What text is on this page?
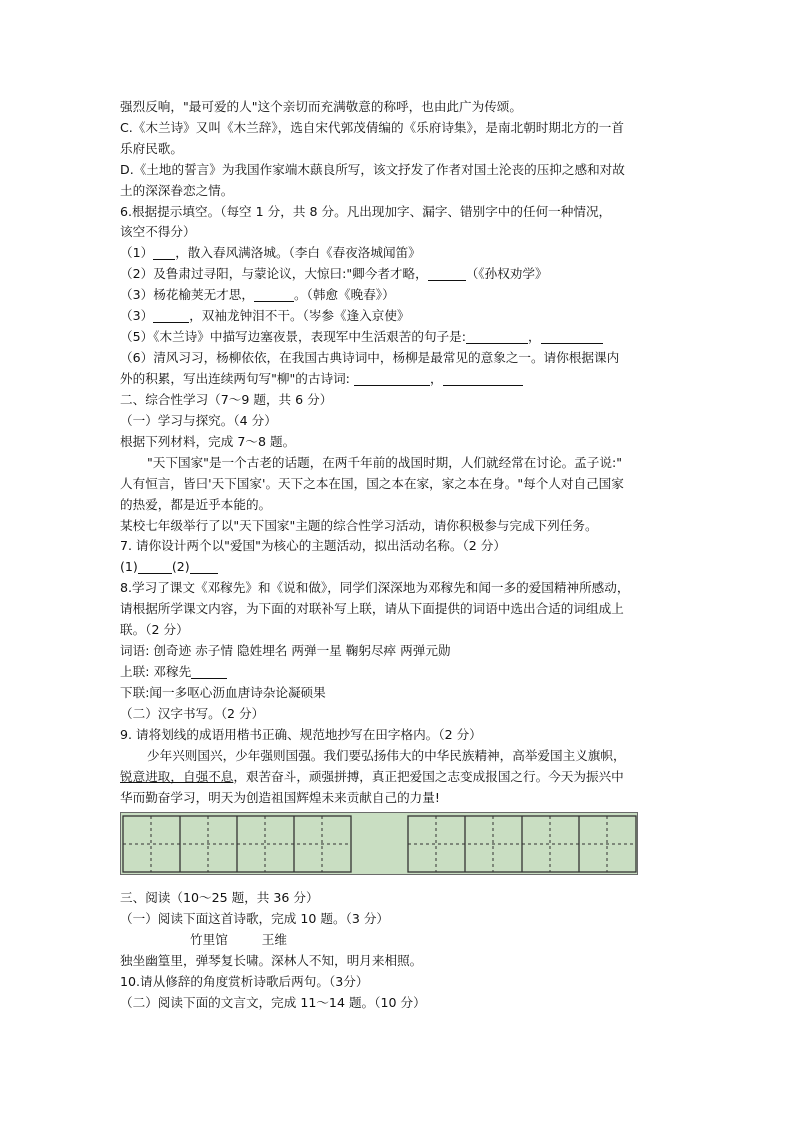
强烈反响，"最可爱的人"这个亲切而充满敬意的称呼，也由此广为传颂。
C.《木兰诗》又叫《木兰辞》，选自宋代郭茂倩编的《乐府诗集》，是南北朝时期北方的一首
乐府民歌。
D.《土地的誓言》为我国作家端木蕻良所写，该文抒发了作者对国土沦丧的压抑之感和对故
土的深深眷恋之情。
6.根据提示填空。（每空 1 分，共 8 分。凡出现加字、漏字、错别字中的任何一种情况，
该空不得分）
（1） ，散入春风满洛城。（李白《春夜洛城闻笛》
（2）及鲁肃过寻阳，与蒙论议，大惊曰:"卿今者才略，	（《孙权劝学》
（3）杨花榆荚无才思，	。（韩愈《晚春》）
（3）	，双袖龙钟泪不干。（岑参《逢入京使》
（5）《木兰诗》中描写边塞夜景，表现军中生活艰苦的句子是:	，
（6）清风习习，杨柳依依，在我国古典诗词中，杨柳是最常见的意象之一。请你根据课内
外的积累，写出连续两句写"柳"的古诗词:	，
二、综合性学习（7～9 题，共 6 分）
（一）学习与探究。（4 分）
根据下列材料，完成 7～8 题。
"天下国家"是一个古老的话题，在两千年前的战国时期，人们就经常在讨论。孟子说:"
人有恒言，皆曰'天下国家'。天下之本在国，国之本在家，家之本在身。"每个人对自己国家
的热爱，都是近乎本能的。
某校七年级举行了以"天下国家"主题的综合性学习活动，请你积极参与完成下列任务。
7. 请你设计两个以"爱国"为核心的主题活动，拟出活动名称。（2 分）
(1)	(2)
8.学习了课文《邓稼先》和《说和做》，同学们深深地为邓稼先和闻一多的爱国精神所感动，
请根据所学课文内容，为下面的对联补写上联，请从下面提供的词语中选出合适的词组成上
联。（2 分）
词语: 创奇迹 赤子情 隐姓埋名 两弹一星 鞠躬尽瘁 两弹元勋
上联: 邓稼先
下联:闻一多呕心沥血唐诗杂论凝硕果
（二）汉字书写。（2 分）
9. 请将划线的成语用楷书正确、规范地抄写在田字格内。（2 分）
少年兴则国兴，少年强则国强。我们要弘扬伟大的中华民族精神，高举爱国主义旗帜，
锐意进取，自强不息，艰苦奋斗，顽强拼搏，真正把爱国之志变成报国之行。今天为振兴中
华而勤奋学习，明天为创造祖国辉煌未来贡献自己的力量!
三、阅读（10～25 题，共 36 分）
（一）阅读下面这首诗歌，完成 10 题。（3 分）
竹里馆	王维
独坐幽篁里，弹琴复长啸。深林人不知，明月来相照。
10.请从修辞的角度赏析诗歌后两句。（3分）
（二）阅读下面的文言文，完成 11～14 题。（10 分）
